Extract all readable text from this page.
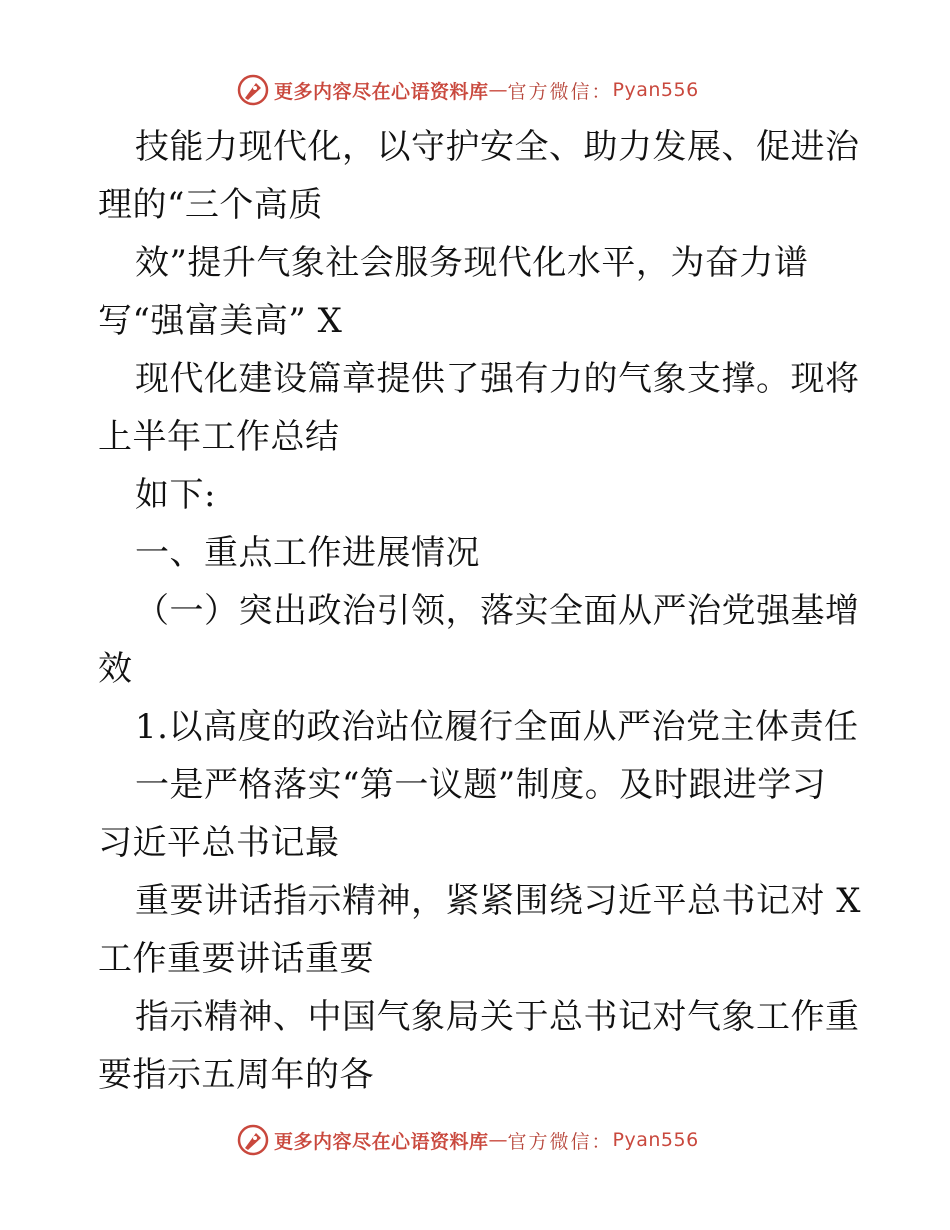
更多内容尽在心语资料库 — 官方微信： Pyan556
技能力现代化，以守护安全、助力发展、促进治
理的“三个高质
效”提升气象社会服务现代化水平，为奋力谱
写“强富美高” X
现代化建设篇章提供了强有力的气象支撑。现将
上半年工作总结
如下:
一、重点工作进展情况
（一）突出政治引领，落实全面从严治党强基增
效
1.以高度的政治站位履行全面从严治党主体责任
一是严格落实“第一议题”制度。及时跟进学习
习近平总书记最
重要讲话指示精神，紧紧围绕习近平总书记对 X
工作重要讲话重要
指示精神、中国气象局关于总书记对气象工作重
要指示五周年的各
更多内容尽在心语资料库 — 官方微信： Pyan556
